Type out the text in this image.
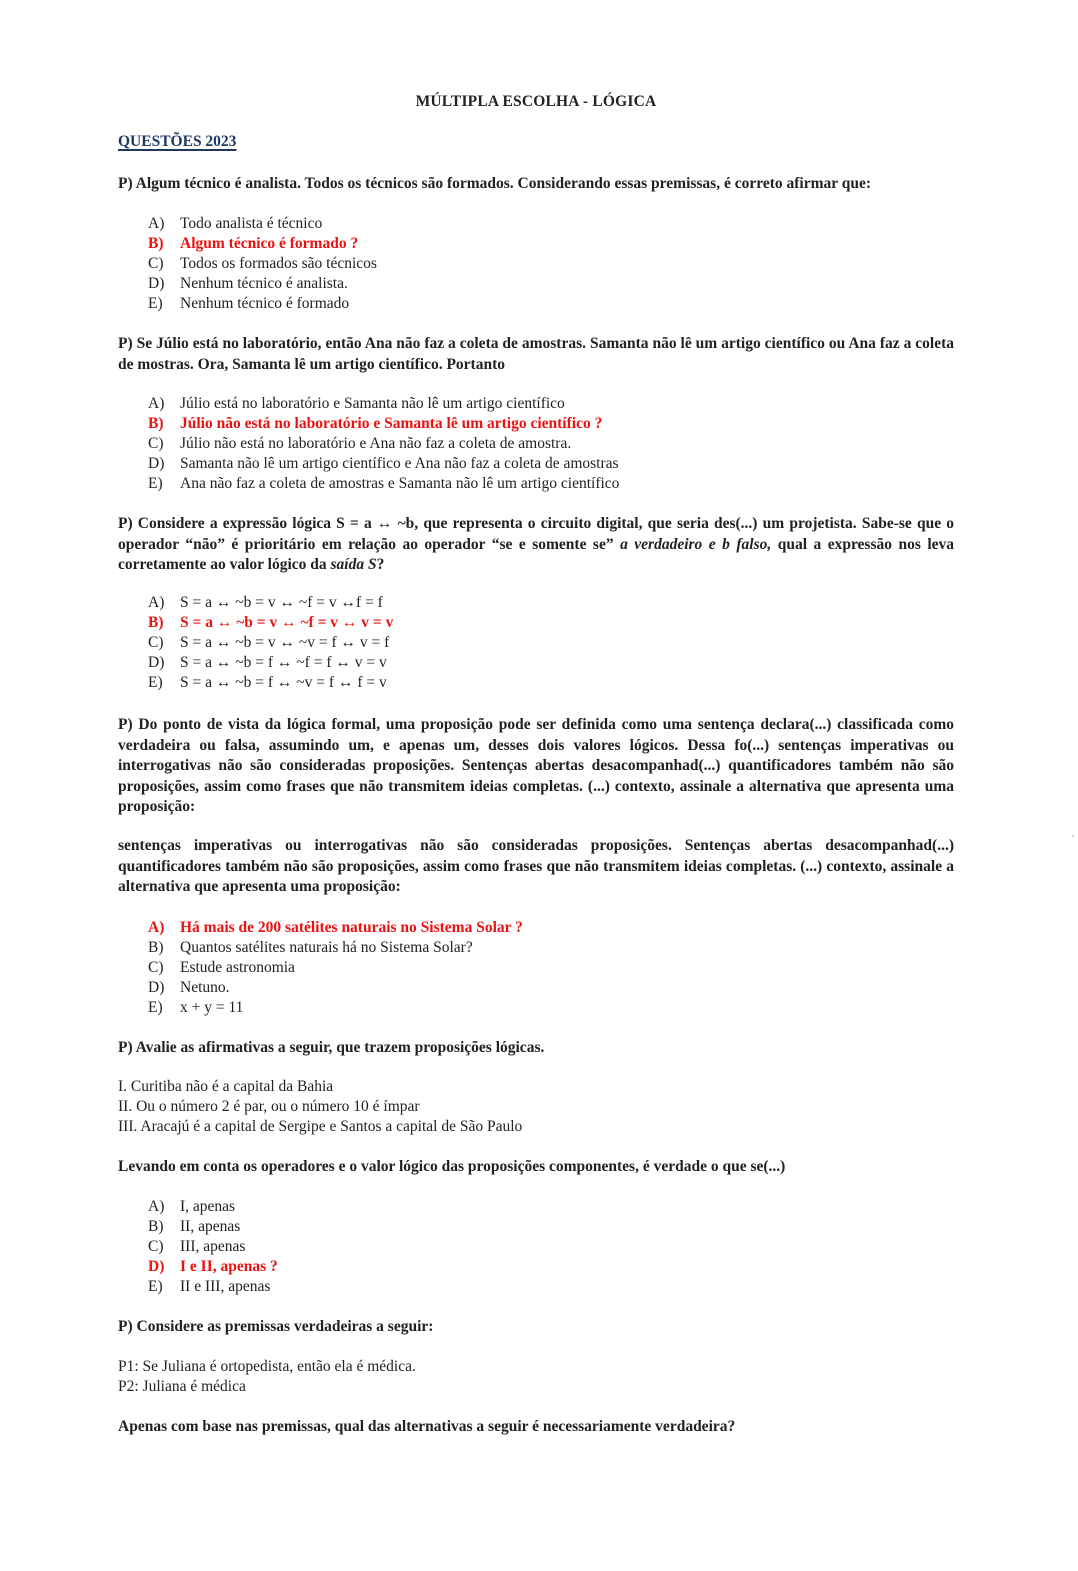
MÚLTIPLA ESCOLHA - LÓGICA
QUESTÕES 2023
P) Algum técnico é analista. Todos os técnicos são formados. Considerando essas premissas, é correto afirmar que:
A) Todo analista é técnico
B) Algum técnico é formado ?
C) Todos os formados são técnicos
D) Nenhum técnico é analista.
E) Nenhum técnico é formado
P) Se Júlio está no laboratório, então Ana não faz a coleta de amostras. Samanta não lê um artigo científico ou Ana faz a coleta de mostras. Ora, Samanta lê um artigo científico. Portanto
A) Júlio está no laboratório e Samanta não lê um artigo científico
B) Júlio não está no laboratório e Samanta lê um artigo científico ?
C) Júlio não está no laboratório e Ana não faz a coleta de amostra.
D) Samanta não lê um artigo científico e Ana não faz a coleta de amostras
E) Ana não faz a coleta de amostras e Samanta não lê um artigo científico
P) Considere a expressão lógica S = a ↔ ~b, que representa o circuito digital, que seria des(...) um projetista. Sabe-se que o operador “não” é prioritário em relação ao operador “se e somente se” a verdadeiro e b falso, qual a expressão nos leva corretamente ao valor lógico da saída S?
A) S = a ↔ ~b = v ↔ ~f = v ↔f = f
B) S = a ↔ ~b = v ↔ ~f = v ↔ v = v
C) S = a ↔ ~b = v ↔ ~v = f ↔ v = f
D) S = a ↔ ~b = f ↔ ~f = f ↔ v = v
E) S = a ↔ ~b = f ↔ ~v = f ↔ f = v
P) Do ponto de vista da lógica formal, uma proposição pode ser definida como uma sentença declara(...) classificada como verdadeira ou falsa, assumindo um, e apenas um, desses dois valores lógicos. Dessa fo(...) sentenças imperativas ou interrogativas não são consideradas proposições. Sentenças abertas desacompanhad(...) quantificadores também não são proposições, assim como frases que não transmitem ideias completas. (...) contexto, assinale a alternativa que apresenta uma proposição:
sentenças imperativas ou interrogativas não são consideradas proposições. Sentenças abertas desacompanhad(...) quantificadores também não são proposições, assim como frases que não transmitem ideias completas. (...) contexto, assinale a alternativa que apresenta uma proposição:
A) Há mais de 200 satélites naturais no Sistema Solar ?
B) Quantos satélites naturais há no Sistema Solar?
C) Estude astronomia
D) Netuno.
E) x + y = 11
P) Avalie as afirmativas a seguir, que trazem proposições lógicas.
I. Curitiba não é a capital da Bahia
II. Ou o número 2 é par, ou o número 10 é ímpar
III. Aracajú é a capital de Sergipe e Santos a capital de São Paulo
Levando em conta os operadores e o valor lógico das proposições componentes, é verdade o que se(...)
A) I, apenas
B) II, apenas
C) III, apenas
D) I e II, apenas ?
E) II e III, apenas
P) Considere as premissas verdadeiras a seguir:
P1: Se Juliana é ortopedista, então ela é médica.
P2: Juliana é médica
Apenas com base nas premissas, qual das alternativas a seguir é necessariamente verdadeira?
